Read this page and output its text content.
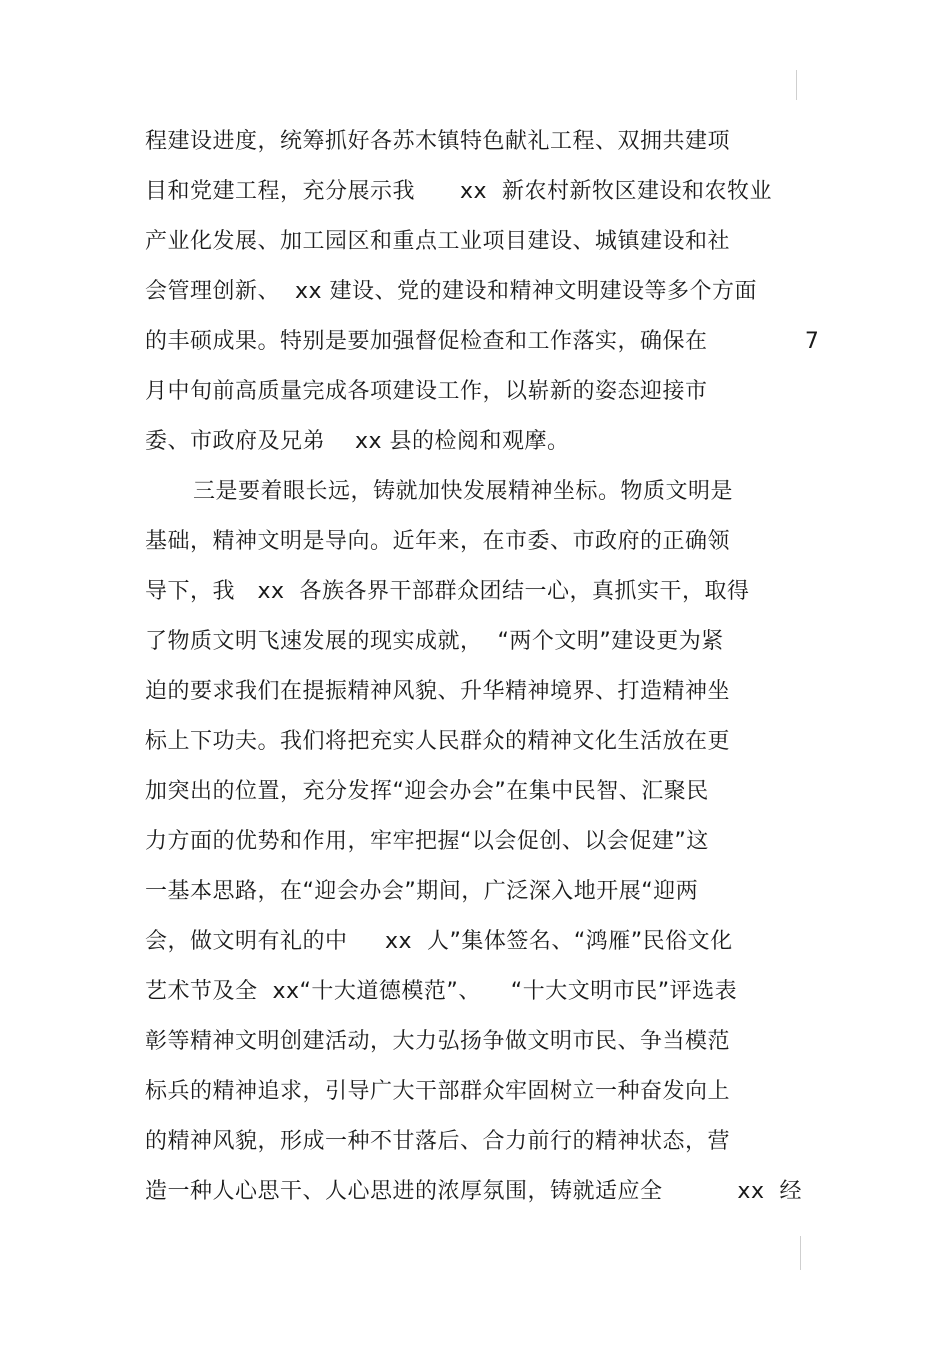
程建设进度，统筹抓好各苏木镇特色献礼工程、双拥共建项
目和党建工程，充分展示我      xx  新农村新牧区建设和农牧业
产业化发展、加工园区和重点工业项目建设、城镇建设和社
会管理创新、  xx 建设、党的建设和精神文明建设等多个方面
的丰硕成果。特别是要加强督促检查和工作落实，确保在             7
月中旬前高质量完成各项建设工作，以崭新的姿态迎接市
委、市政府及兄弟    xx 县的检阅和观摩。
三是要着眼长远，铸就加快发展精神坐标。物质文明是
基础，精神文明是导向。近年来，在市委、市政府的正确领
导下，我   xx  各族各界干部群众团结一心，真抓实干，取得
了物质文明飞速发展的现实成就，  “两个文明”建设更为紧
迫的要求我们在提振精神风貌、升华精神境界、打造精神坐
标上下功夫。我们将把充实人民群众的精神文化生活放在更
加突出的位置，充分发挥“迎会办会”在集中民智、汇聚民
力方面的优势和作用，牢牢把握“以会促创、以会促建”这
一基本思路，在“迎会办会”期间，广泛深入地开展“迎两
会，做文明有礼的中     xx  人”集体签名、“鸿雁”民俗文化
艺术节及全  xx“十大道德模范”、    “十大文明市民”评选表
彰等精神文明创建活动，大力弘扬争做文明市民、争当模范
标兵的精神追求，引导广大干部群众牢固树立一种奋发向上
的精神风貌，形成一种不甘落后、合力前行的精神状态，营
造一种人心思干、人心思进的浓厚氛围，铸就适应全          xx  经
